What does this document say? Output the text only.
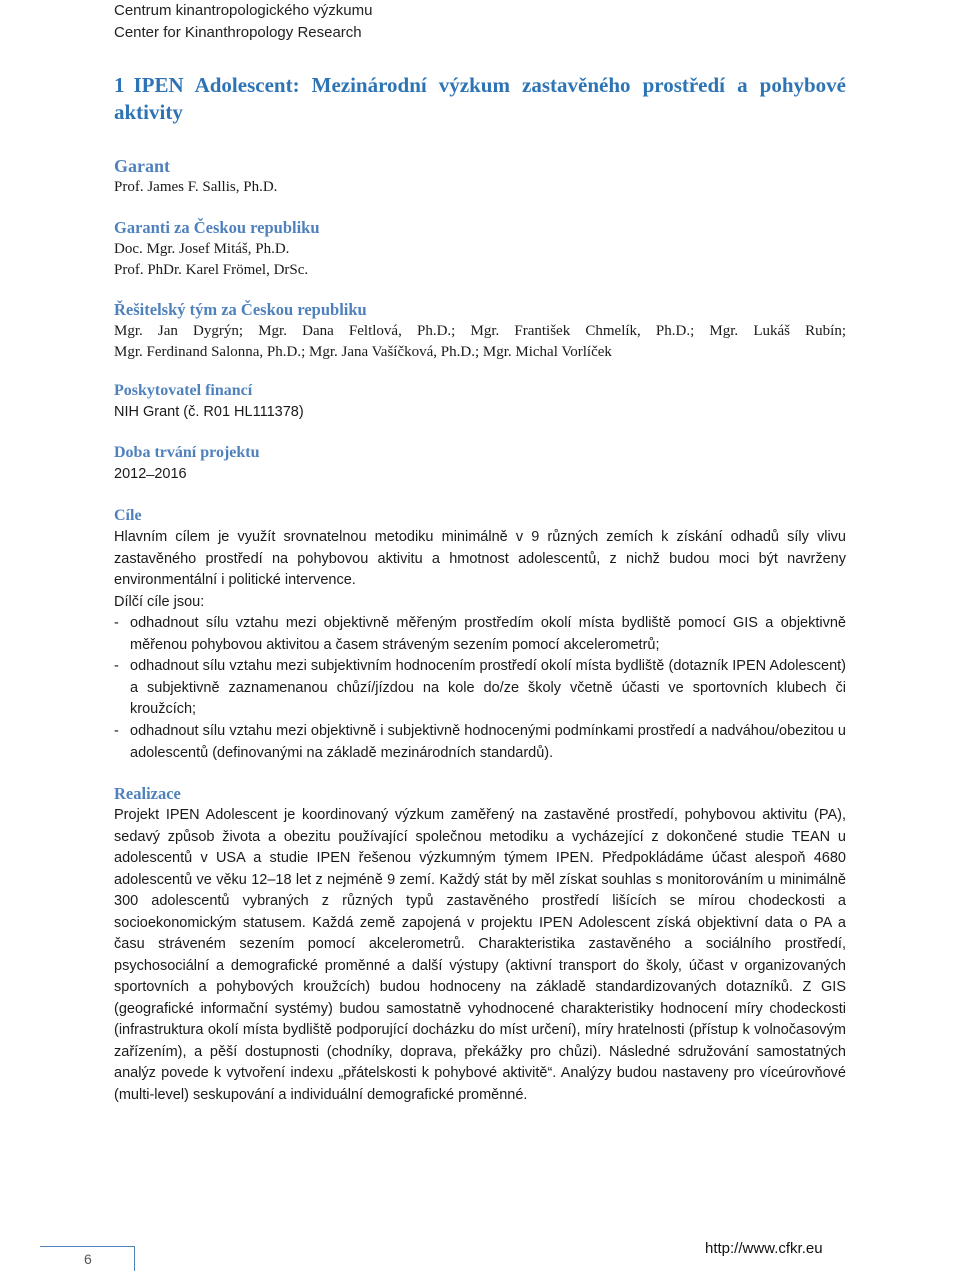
Centrum kinantropologického výzkumu
Center for Kinanthropology Research
1 IPEN Adolescent: Mezinárodní výzkum zastavěného prostředí a pohybové aktivity
Garant

Prof. James F. Sallis, Ph.D.

Garanti za Českou republiku

Doc. Mgr. Josef Mitáš, Ph.D.

Prof. PhDr. Karel Frömel, DrSc.

Řešitelský tým za Českou republiku

Mgr. Jan Dygrýn; Mgr. Dana Feltlová, Ph.D.; Mgr. František Chmelík, Ph.D.; Mgr. Lukáš Rubín;

Mgr. Ferdinand Salonna, Ph.D.; Mgr. Jana Vašíčková, Ph.D.; Mgr. Michal Vorlíček

Poskytovatel financí

NIH Grant (č. R01 HL111378)

Doba trvání projektu

2012 ̶ 2016

Cíle

Hlavním cílem je využít srovnatelnou metodiku minimálně v 9 různých zemích k získání odhadů síly vlivu zastavěného prostředí na pohybovou aktivitu a hmotnost adolescentů, z nichž budou moci být navrženy environmentální i politické intervence.

Dílčí cíle jsou:

- odhadnout sílu vztahu mezi objektivně měřeným prostředím okolí místa bydliště pomocí GIS a objektivně měřenou pohybovou aktivitou a časem stráveným sezením pomocí akcelerometrů;
- odhadnout sílu vztahu mezi subjektivním hodnocením prostředí okolí místa bydliště (dotazník IPEN Adolescent) a subjektivně zaznamenanou chůzí/jízdou na kole do/ze školy včetně účasti ve sportovních klubech či kroužcích;
- odhadnout sílu vztahu mezi objektivně i subjektivně hodnocenými podmínkami prostředí a nadváhou/obezitou u adolescentů (definovanými na základě mezinárodních standardů).
Realizace

Projekt IPEN Adolescent je koordinovaný výzkum zaměřený na zastavěné prostředí, pohybovou aktivitu (PA), sedavý způsob života a obezitu používající společnou metodiku a vycházející z dokončené studie TEAN u adolescentů v USA a studie IPEN řešenou výzkumným týmem IPEN. Předpokládáme účast alespoň 4680 adolescentů ve věku 12–18 let z nejméně 9 zemí. Každý stát by měl získat souhlas s monitorováním u minimálně 300 adolescentů vybraných z různých typů zastavěného prostředí lišících se mírou chodeckosti a socioekonomickým statusem. Každá země zapojená v projektu IPEN Adolescent získá objektivní data o PA a času stráveném sezením pomocí akcelerometrů. Charakteristika zastavěného a sociálního prostředí, psychosociální a demografické proměnné a další výstupy (aktivní transport do školy, účast v organizovaných sportovních a pohybových kroužcích) budou hodnoceny na základě standardizovaných dotazníků. Z GIS (geografické informační systémy) budou samostatně vyhodnocené charakteristiky hodnocení míry chodeckosti (infrastruktura okolí místa bydliště podporující docházku do míst určení), míry hratelnosti (přístup k volnočasovým zařízením), a pěší dostupnosti (chodníky, doprava, překážky pro chůzi). Následné sdružování samostatných analýz povede k vytvoření indexu „přátelskosti k pohybové aktivitě“. Analýzy budou nastaveny pro víceúrovňové (multi-level) seskupování a individuální demografické proměnné.

6
http://www.cfkr.eu
